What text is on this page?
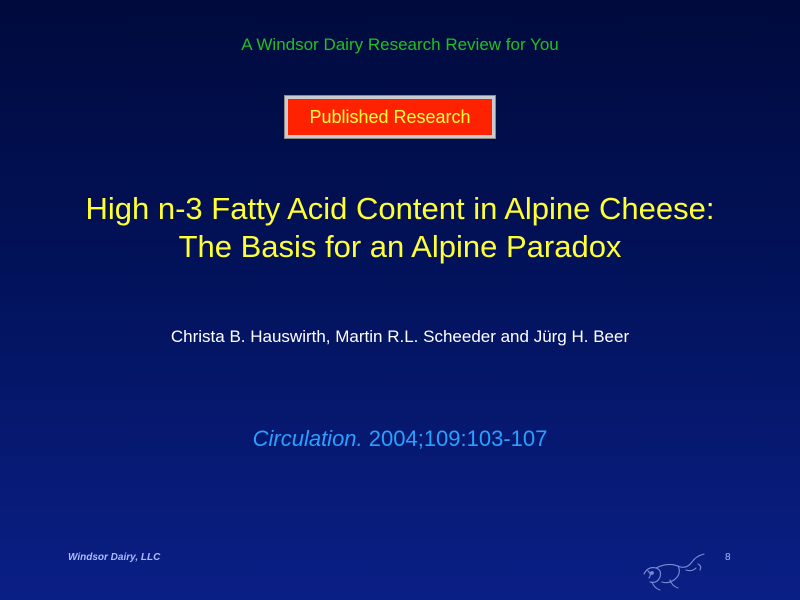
A Windsor Dairy Research Review for You
Published Research
High n-3 Fatty Acid Content in Alpine Cheese:
The Basis for an Alpine Paradox
Christa B. Hauswirth, Martin R.L. Scheeder and Jürg H. Beer
Circulation. 2004;109:103-107
Windsor Dairy, LLC	8
